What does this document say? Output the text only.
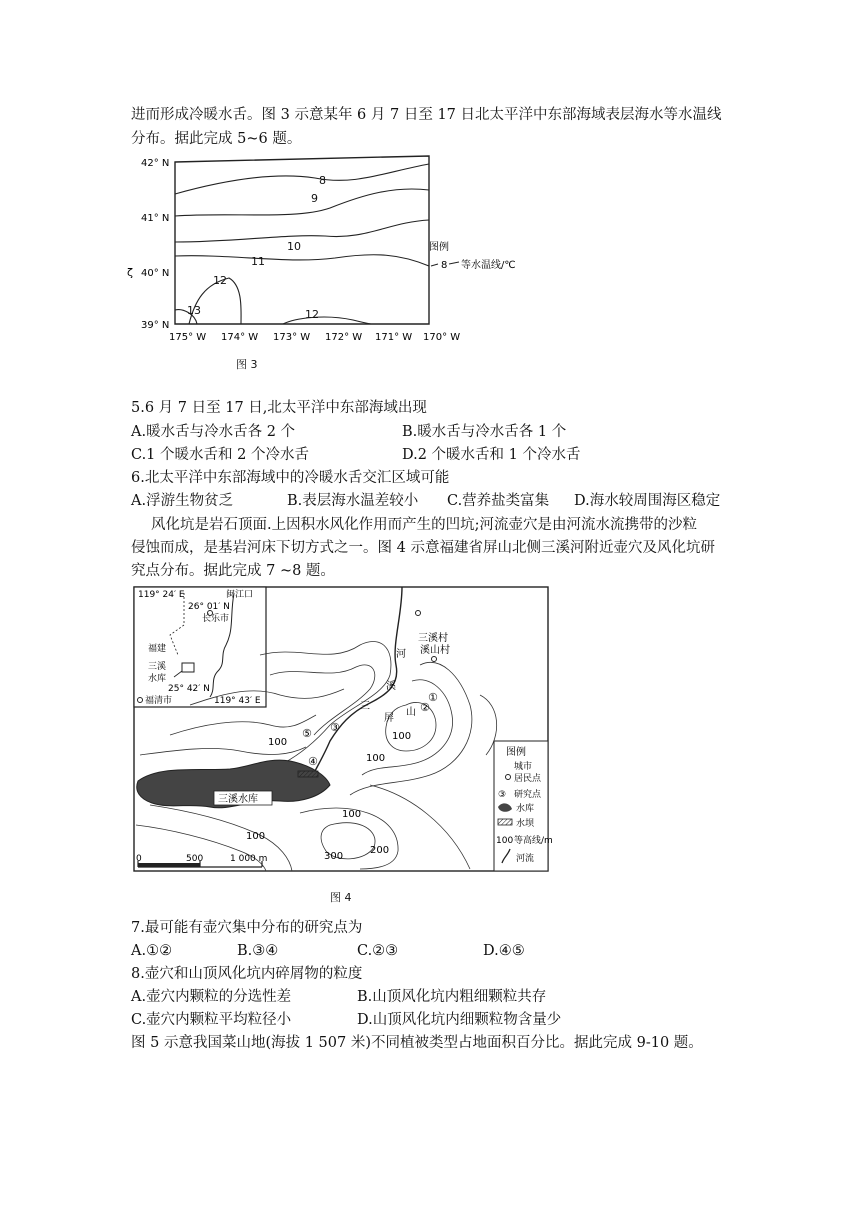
进而形成冷暖水舌。图 3 示意某年 6 月 7 日至 17 日北太平洋中东部海域表层海水等水温线
分布。据此完成 5~6 题。
42° N
41° N
40° N
39° N
ζ
175° W 174° W 173° W 172° W 171° W 170° W
8
9
10
11
12
12
13
图例
8 等水温线/℃
图 3
5.6 月 7 日至 17 日,北太平洋中东部海域出现
A.暖水舌与冷水舌各 2 个	B.暖水舌与冷水舌各 1 个
C.1 个暖水舌和 2 个冷水舌	D.2 个暖水舌和 1 个冷水舌
6.北太平洋中东部海域中的冷暖水舌交汇区域可能
A.浮游生物贫乏	B.表层海水温差较小 C.营养盐类富集 D.海水较周围海区稳定
风化坑是岩石顶面.上因积水风化作用而产生的凹坑;河流壶穴是由河流水流携带的沙粒
侵蚀而成，是基岩河床下切方式之一。图 4 示意福建省屏山北侧三溪河附近壶穴及风化坑研
究点分布。据此完成 7 ~8 题。
119° 24′ E
26° 01′ N
闽江口
长乐市
福建
三溪
水库
25° 42′ N
119° 43′ E
福清市
三溪水库
三溪村
溪山村
河
溪
三
屏
山
100
100
100
100
100
300
200
①
②
③
④
⑤
0	500	1 000 m
图例
城市
居民点
③ 研究点
水库
水坝
100 等高线/m
河流
图 4
7.最可能有壶穴集中分布的研究点为
A.①②	B.③④	C.②③	D.④⑤
8.壶穴和山顶风化坑内碎屑物的粒度
A.壶穴内颗粒的分选性差	B.山顶风化坑内粗细颗粒共存
C.壶穴内颗粒平均粒径小	D.山顶风化坑内细颗粒物含量少
图 5 示意我国菜山地(海拔 1 507 米)不同植被类型占地面积百分比。据此完成 9-10 题。
